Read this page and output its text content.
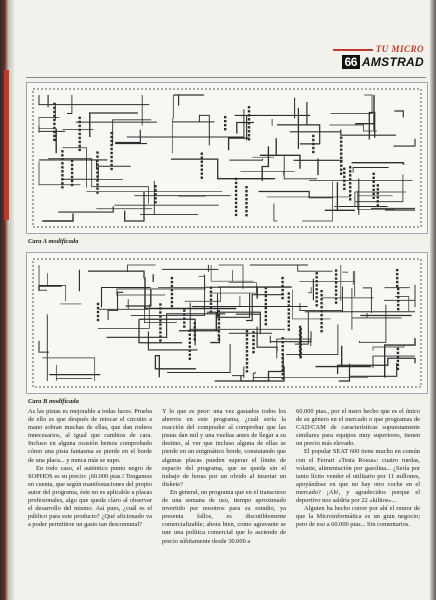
TU MICRO
66 AMSTRAD
Cara A modificada
Cara B modificada

As las pistas es mejorable a todas luces. Prueba de ello es que después de retocar el circuito a mano sobran muchas de ellas, que dan rodeos innecesarios, al igual que cambios de cara. Incluso en alguna ocasión hemos comprobado cómo una pista fantasma se pierde en el borde de una placa... y nunca más se supo.

En todo caso, el auténtico punto negro de SOPHOS es su precio: ¡60.000 ptas.! Tengamos en cuenta, que según manifestaciones del propio autor del programa, éste no es aplicable a placas profesionales, algo que queda claro al observar el desarrollo del mismo. Así pues, ¿cuál es el público para este producto? ¿Qué aficionado va a poder permitirse un gasto tan descomunal?

Y lo que es peor: una vez gastados todos los ahorros en este programa, ¿cuál sería la reacción del comprador al comprobar que las pistas dan mil y una vueltas antes de llegar a su destino, al ver que incluso alguna de ellas se pierde en un enigmático borde, constatando que algunas placas pueden superar el límite de espacio del programa, que se queda sin el trabajo de horas por un olvido al insertar un diskete?

En general, un programa que en el transcurso de una semana de uso, tiempo aproximado invertido por nosotros para su estudio, ya presenta fallos, es discutiblemente comercializable; ahora bien, como agravante se une una política comercial que lo asciende de precio súbitamente desde 30.000 a

60.000 ptas., por el mero hecho que es el único de su género en el mercado o que programas de CAD/CAM de características supuestamente similares para equipos muy superiores, tienen un precio más elevado.

El popular SEAT 600 tiene mucho en común con el Ferrari «Testa Rossa»: cuatro ruedas, volante, alimentación por gasolina... ¿Sería por tanto lícito vender el utilitario por 11 millones, apoyándose en que no hay otro coche en el mercado? ¡Ah!, y agradecidos porque el deportivo nos saldría por 22 «kilitos»...

Alguien ha hecho correr por ahí el rumor de que la Microinformática es un gran negocio; pero de eso a 60.000 ptas... Sin comentarios.
